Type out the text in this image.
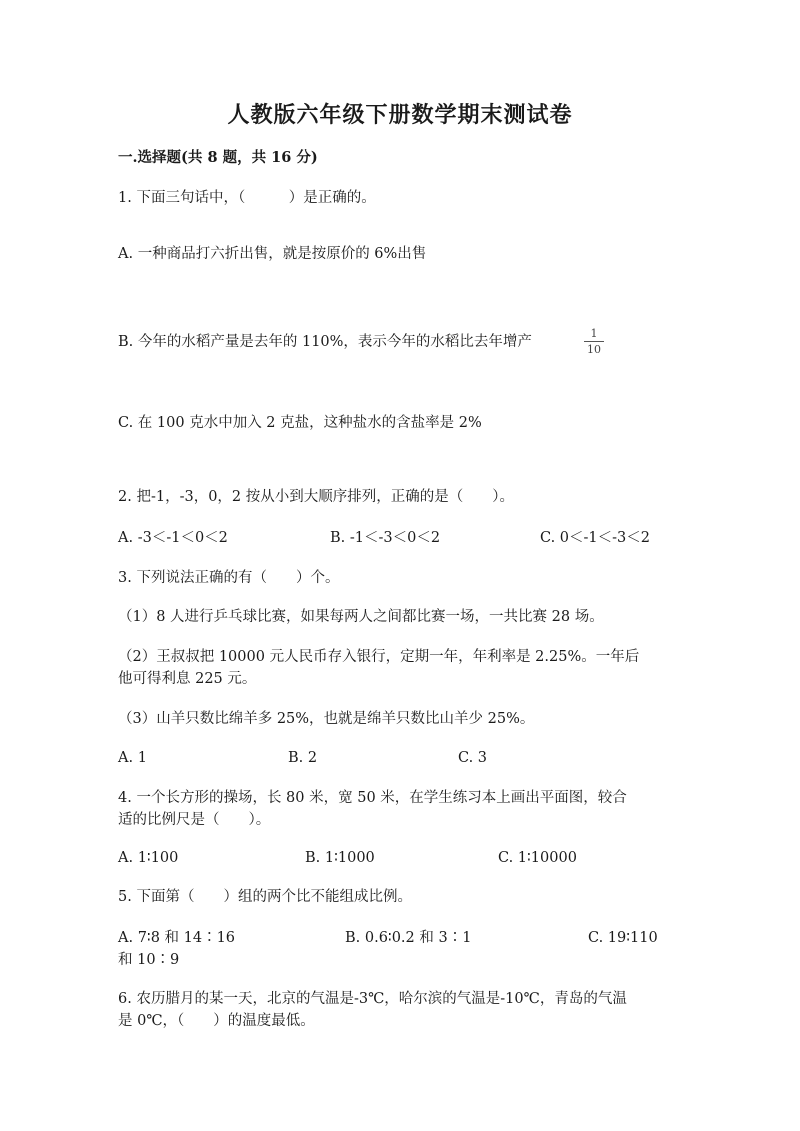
人教版六年级下册数学期末测试卷
一.选择题(共 8 题，共 16 分)
1. 下面三句话中，（　　　）是正确的。
A. 一种商品打六折出售，就是按原价的 6%出售
B. 今年的水稻产量是去年的 110%，表示今年的水稻比去年增产
1
10
C. 在 100 克水中加入 2 克盐，这种盐水的含盐率是 2%
2. 把-1，-3，0，2 按从小到大顺序排列，正确的是（　　）。
A. -3＜-1＜0＜2	B. -1＜-3＜0＜2	C. 0＜-1＜-3＜2
3. 下列说法正确的有（　　）个。
（1）8 人进行乒乓球比赛，如果每两人之间都比赛一场，一共比赛 28 场。
（2）王叔叔把 10000 元人民币存入银行，定期一年，年利率是 2.25%。一年后
他可得利息 225 元。
（3）山羊只数比绵羊多 25%，也就是绵羊只数比山羊少 25%。
A. 1	B. 2	C. 3
4. 一个长方形的操场，长 80 米，宽 50 米，在学生练习本上画出平面图，较合
适的比例尺是（　　）。
A. 1∶100	B. 1∶1000	C. 1∶10000
5. 下面第（　　）组的两个比不能组成比例。
A. 7∶8 和 14∶16	B. 0.6∶0.2 和 3∶1	C. 19∶110
和 10∶9
6. 农历腊月的某一天，北京的气温是-3℃，哈尔滨的气温是-10℃，青岛的气温
是 0℃，（　　）的温度最低。
